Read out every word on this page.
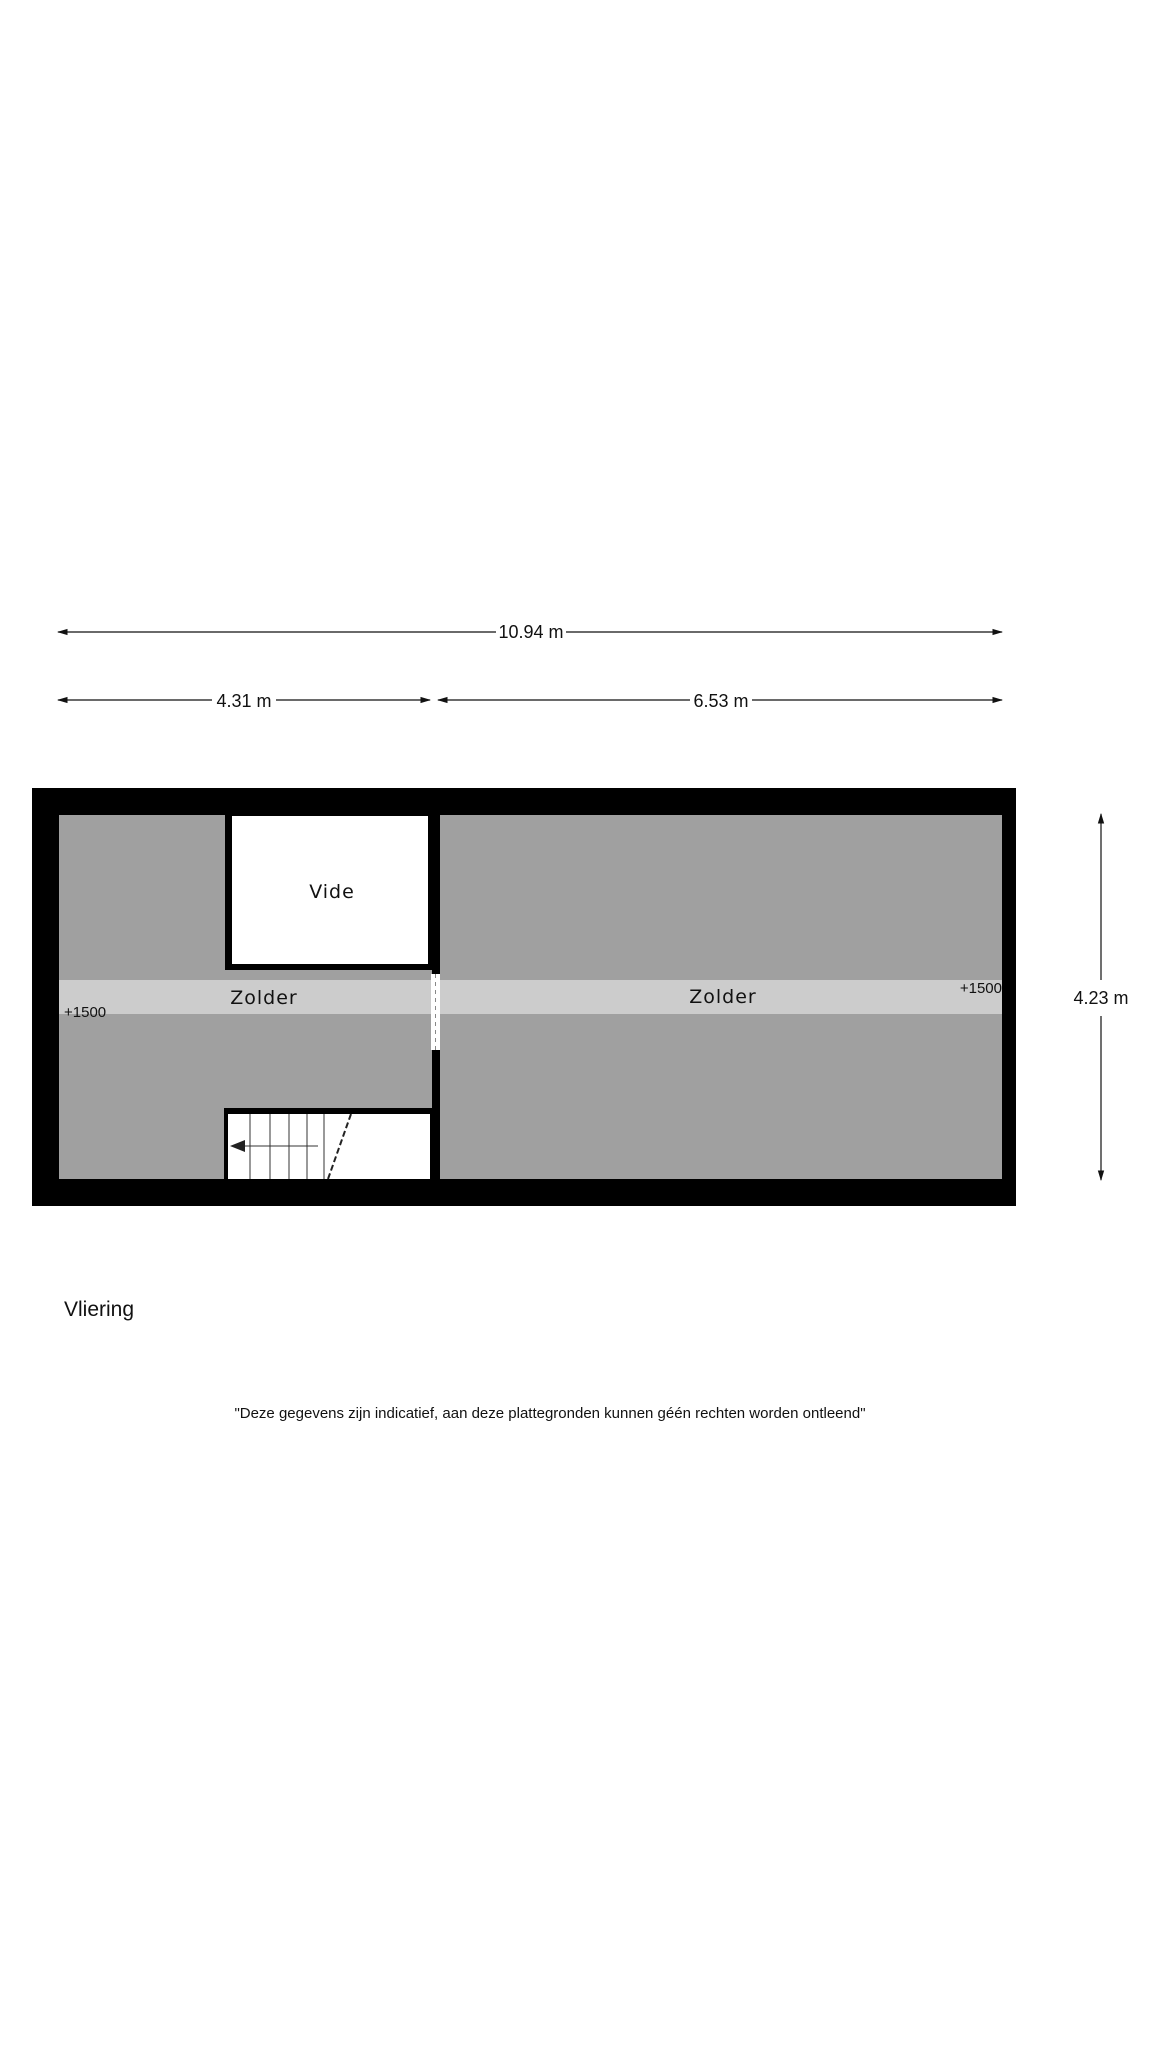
10.94 m
4.31 m	6.53 m
4.23 m
Vide
Zolder	Zolder
+1500
+1500
Vliering
"Deze gegevens zijn indicatief, aan deze plattegronden kunnen géén rechten worden ontleend"
